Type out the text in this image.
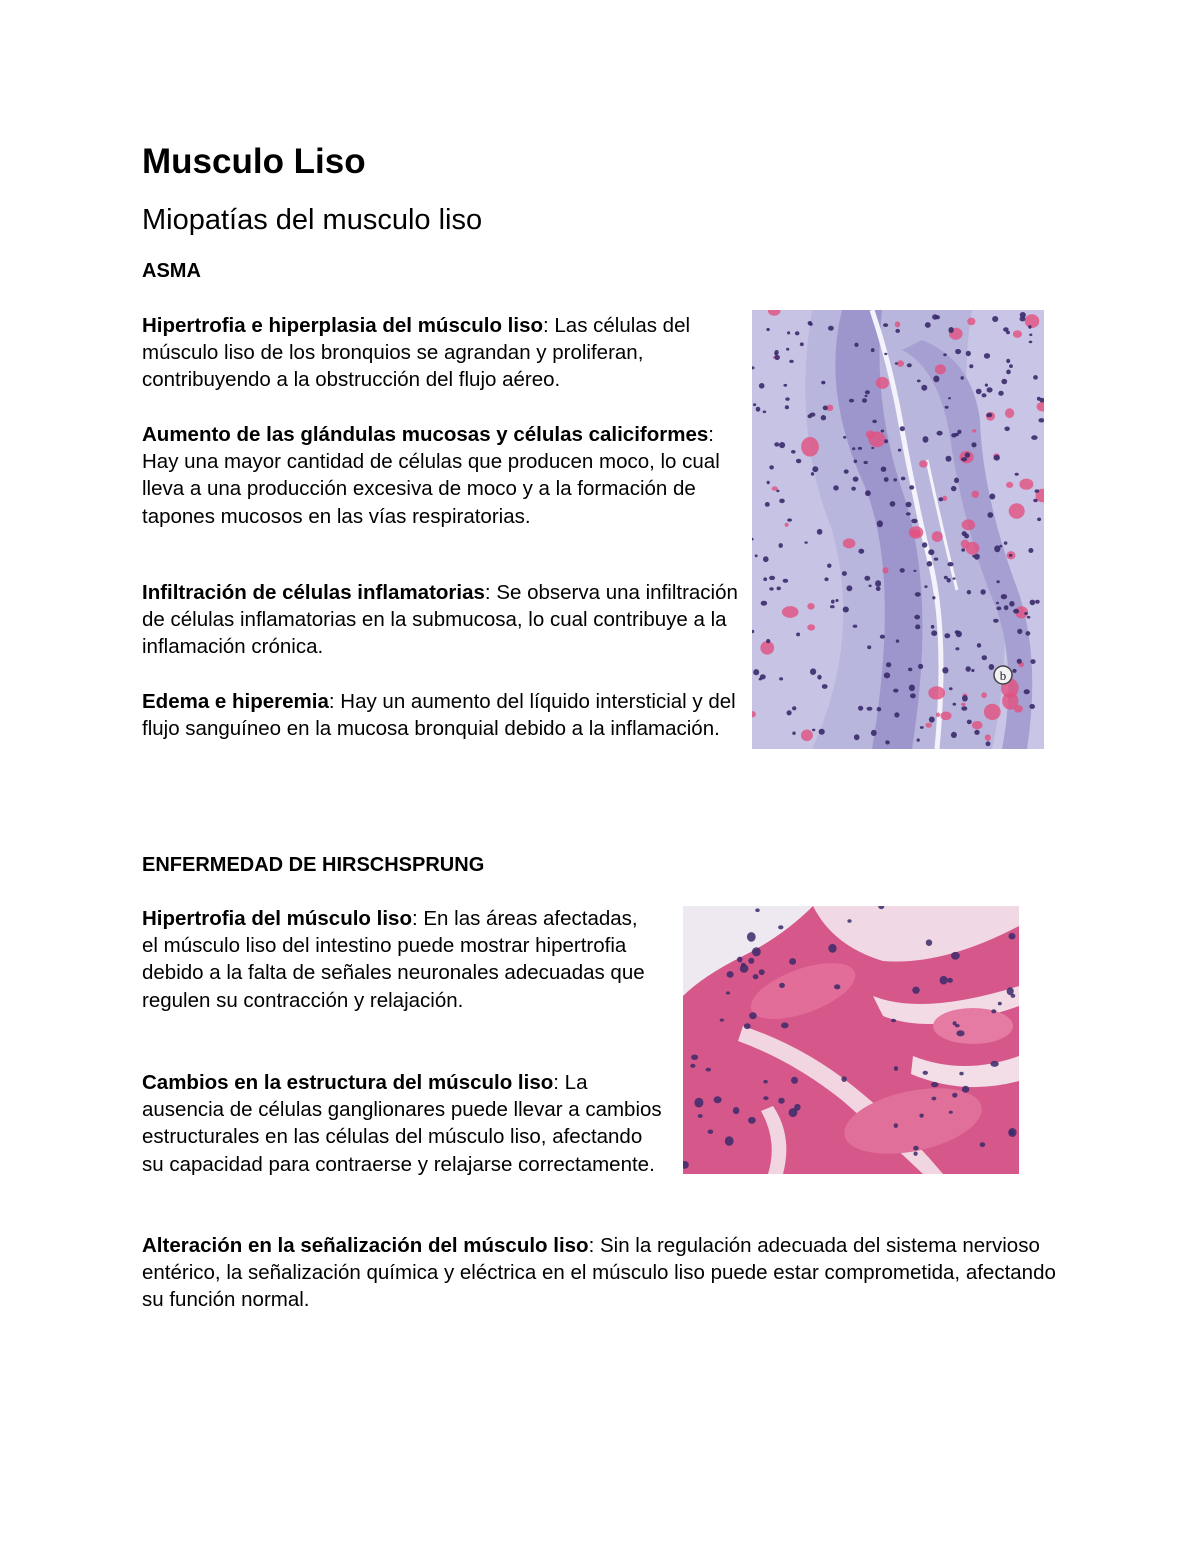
Musculo Liso
Miopatías del musculo liso
ASMA

Hipertrofia e hiperplasia del músculo liso: Las células del músculo liso de los bronquios se agrandan y proliferan, contribuyendo a la obstrucción del flujo aéreo.

Aumento de las glándulas mucosas y células caliciformes: Hay una mayor cantidad de células que producen moco, lo cual lleva a una producción excesiva de moco y a la formación de tapones mucosos en las vías respiratorias.

Infiltración de células inflamatorias: Se observa una infiltración de células inflamatorias en la submucosa, lo cual contribuye a la inflamación crónica.

Edema e hiperemia: Hay un aumento del líquido intersticial y del flujo sanguíneo en la mucosa bronquial debido a la inflamación.

b
ENFERMEDAD DE HIRSCHSPRUNG

Hipertrofia del músculo liso: En las áreas afectadas, el músculo liso del intestino puede mostrar hipertrofia debido a la falta de señales neuronales adecuadas que regulen su contracción y relajación.

Cambios en la estructura del músculo liso: La ausencia de células ganglionares puede llevar a cambios estructurales en las células del músculo liso, afectando su capacidad para contraerse y relajarse correctamente.

Alteración en la señalización del músculo liso: Sin la regulación adecuada del sistema nervioso entérico, la señalización química y eléctrica en el músculo liso puede estar comprometida, afectando su función normal.
